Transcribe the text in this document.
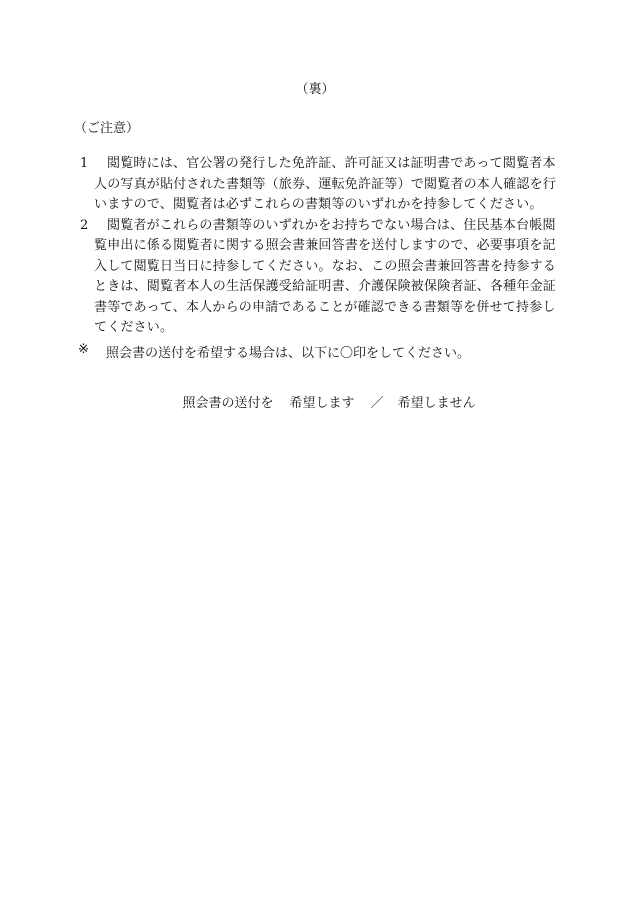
（裏）
（ご注意）
1	閲覧時には、官公署の発行した免許証、許可証又は証明書であって閲覧者本人の写真が貼付された書類等（旅券、運転免許証等）で閲覧者の本人確認を行いますので、閲覧者は必ずこれらの書類等のいずれかを持参してください。
2	閲覧者がこれらの書類等のいずれかをお持ちでない場合は、住民基本台帳閲覧申出に係る閲覧者に関する照会書兼回答書を送付しますので、必要事項を記入して閲覧日当日に持参してください。なお、この照会書兼回答書を持参するときは、閲覧者本人の生活保護受給証明書、介護保険被保険者証、各種年金証書等であって、本人からの申請であることが確認できる書類等を併せて持参してください。
※	照会書の送付を希望する場合は、以下に〇印をしてください。

照会書の送付を 希望します ／ 希望しません
